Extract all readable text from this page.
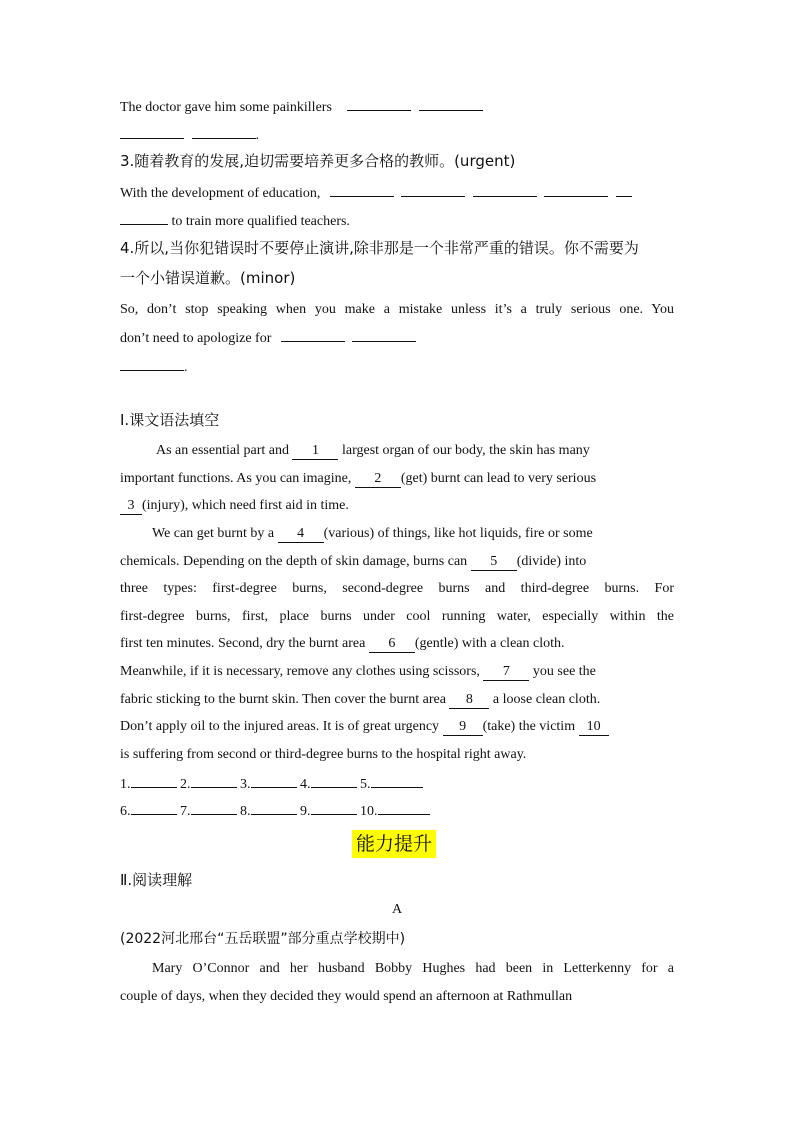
The doctor gave him some painkillers
.
3.随着教育的发展,迫切需要培养更多合格的教师。(urgent)
With the development of education,
to train more qualified teachers.
4.所以,当你犯错误时不要停止演讲,除非那是一个非常严重的错误。你不需要为
一个小错误道歉。(minor)
So, don’t stop speaking when you make a mistake unless it’s a truly serious one. You
don’t need to apologize for
.
Ⅰ.课文语法填空
As an essential part and 1 largest organ of our body, the skin has many
important functions. As you can imagine, 2 (get) burnt can lead to very serious
3 (injury), which need first aid in time.
We can get burnt by a 4 (various) of things, like hot liquids, fire or some
chemicals. Depending on the depth of skin damage, burns can 5 (divide) into
three types: first-degree burns, second-degree burns and third-degree burns. For
first-degree burns, first, place burns under cool running water, especially within the
first ten minutes. Second, dry the burnt area 6 (gentle) with a clean cloth.
Meanwhile, if it is necessary, remove any clothes using scissors, 7 you see the
fabric sticking to the burnt skin. Then cover the burnt area 8 a loose clean cloth.
Don’t apply oil to the injured areas. It is of great urgency 9 (take) the victim 10
is suffering from second or third-degree burns to the hospital right away.
1.	2.	3.	4.	5.
6.	7.	8.	9.	10.
能力提升
Ⅱ.阅读理解
A
(2022河北邢台“五岳联盟”部分重点学校期中)
Mary O’Connor and her husband Bobby Hughes had been in Letterkenny for a
couple of days, when they decided they would spend an afternoon at Rathmullan
